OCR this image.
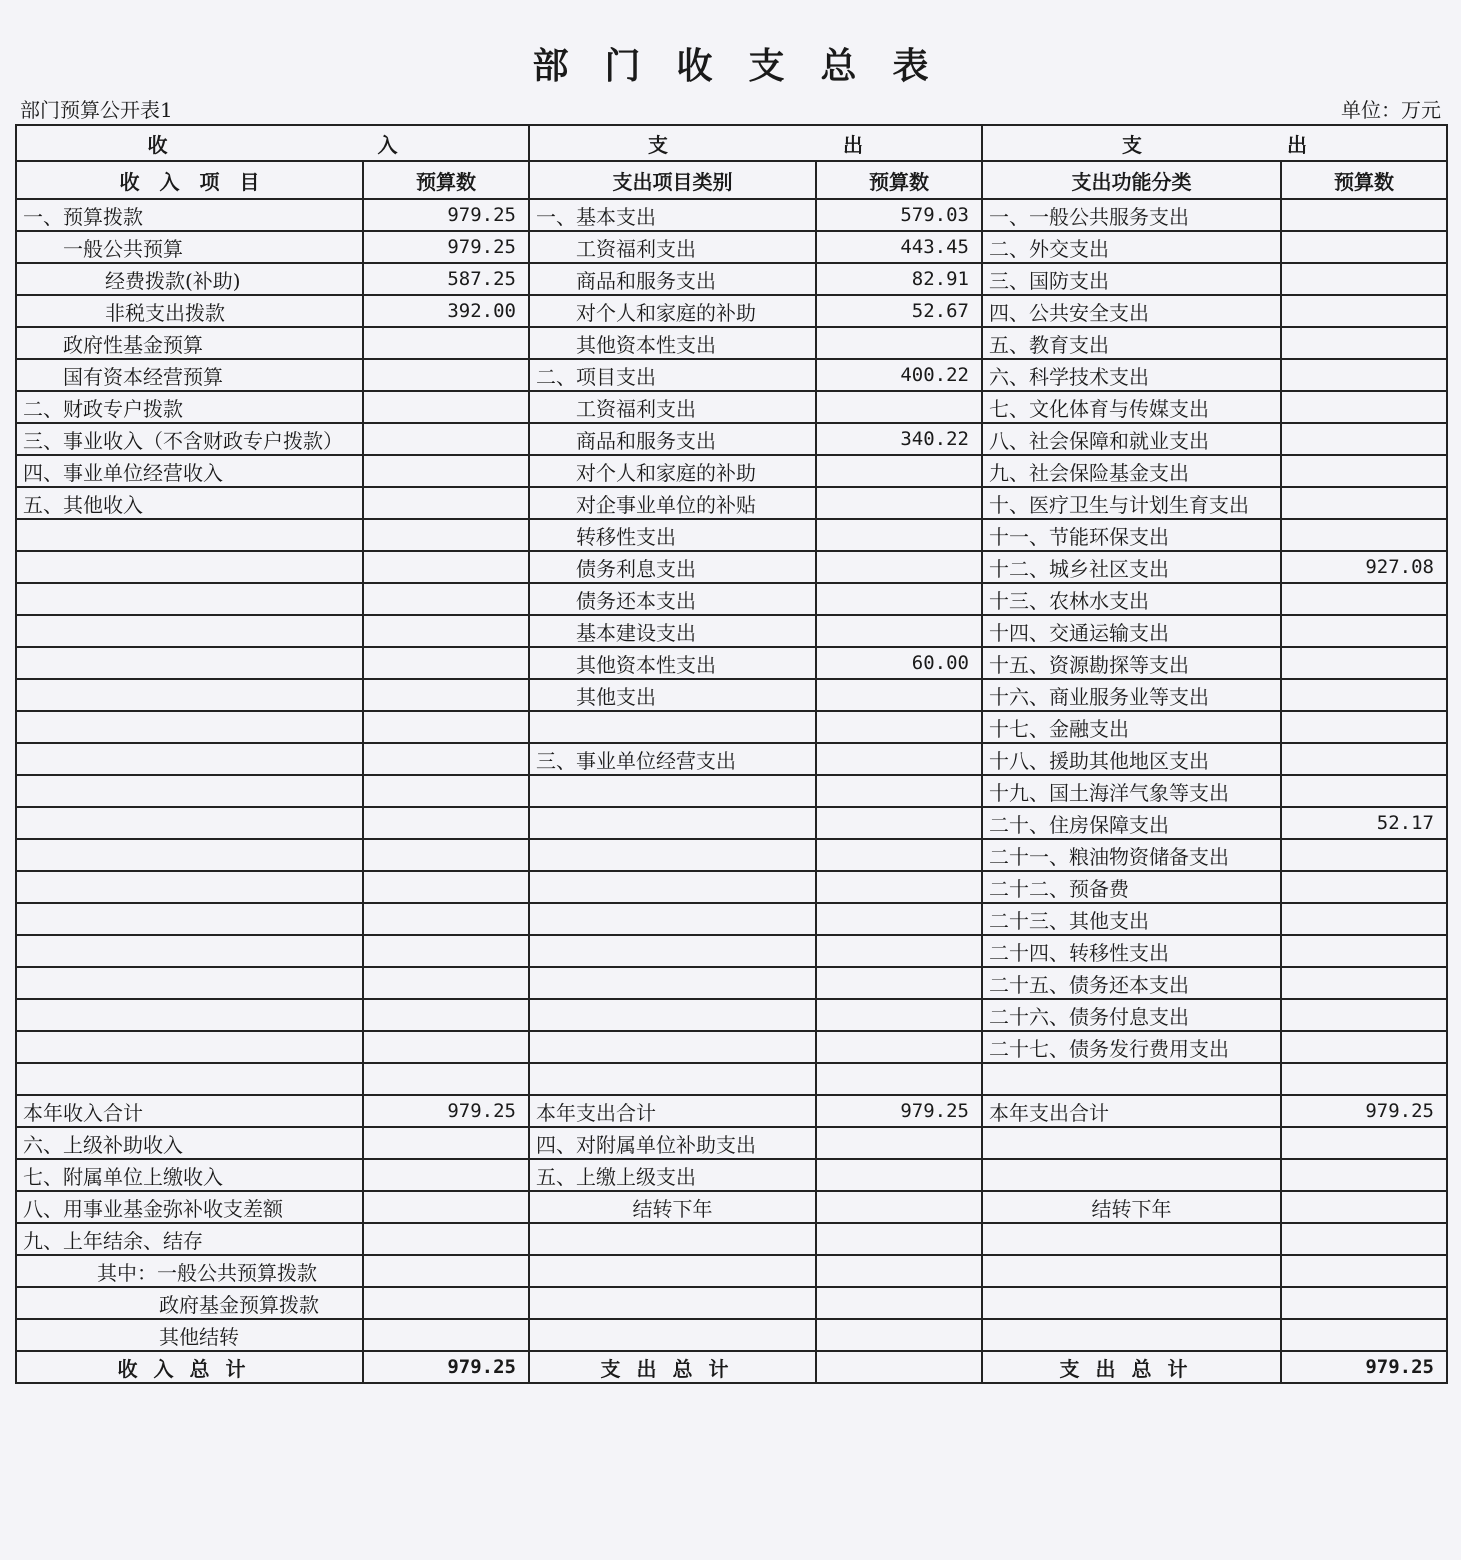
部门收支总表
部门预算公开表1	单位：万元
收 入		支 出		支 出	
收　入　项　目	预算数	支出项目类别	预算数	支出功能分类	预算数
一、预算拨款	979.25	一、基本支出	579.03	一、一般公共服务支出	
一般公共预算	979.25	工资福利支出	443.45	二、外交支出	
经费拨款(补助)	587.25	商品和服务支出	82.91	三、国防支出	
非税支出拨款	392.00	对个人和家庭的补助	52.67	四、公共安全支出	
政府性基金预算		其他资本性支出		五、教育支出	
国有资本经营预算		二、项目支出	400.22	六、科学技术支出	
二、财政专户拨款		工资福利支出		七、文化体育与传媒支出	
三、事业收入（不含财政专户拨款）		商品和服务支出	340.22	八、社会保障和就业支出	
四、事业单位经营收入		对个人和家庭的补助		九、社会保险基金支出	
五、其他收入		对企事业单位的补贴		十、医疗卫生与计划生育支出	
		转移性支出		十一、节能环保支出	
		债务利息支出		十二、城乡社区支出	927.08
		债务还本支出		十三、农林水支出	
		基本建设支出		十四、交通运输支出	
		其他资本性支出	60.00	十五、资源勘探等支出	
		其他支出		十六、商业服务业等支出	
				十七、金融支出	
		三、事业单位经营支出		十八、援助其他地区支出	
				十九、国土海洋气象等支出	
				二十、住房保障支出	52.17
				二十一、粮油物资储备支出	
				二十二、预备费	
				二十三、其他支出	
				二十四、转移性支出	
				二十五、债务还本支出	
				二十六、债务付息支出	
				二十七、债务发行费用支出	

本年收入合计	979.25	本年支出合计	979.25	本年支出合计	979.25
六、上级补助收入		四、对附属单位补助支出			
七、附属单位上缴收入		五、上缴上级支出			
八、用事业基金弥补收支差额		结转下年		结转下年	
九、上年结余、结存					
其中：一般公共预算拨款					
政府基金预算拨款					
其他结转					
收入总计	979.25	支出总计		支出总计	979.25
